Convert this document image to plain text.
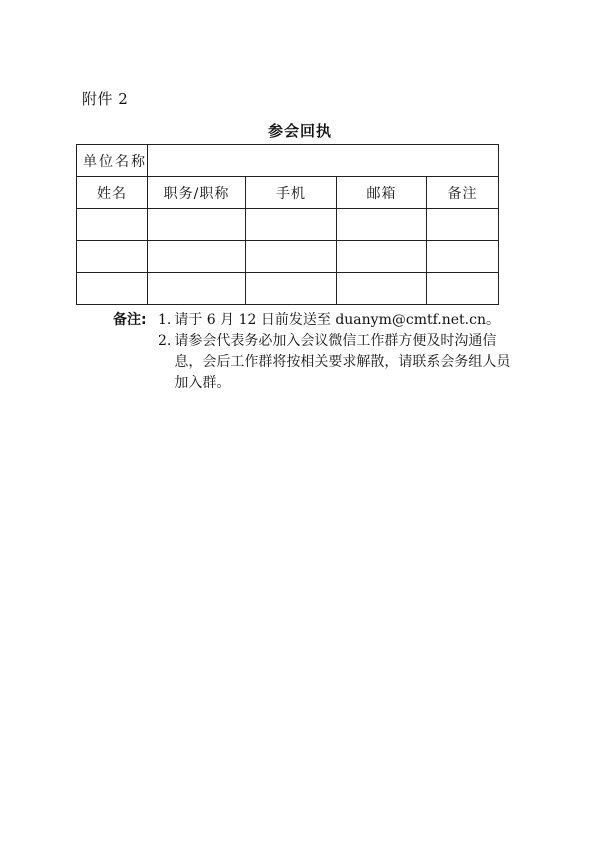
附件 2
参会回执
单位名称				
姓名	职务/职称	手机	邮箱	备注

备注: 1. 请于 6 月 12 日前发送至 duanym@cmtf.net.cn。
2. 请参会代表务必加入会议微信工作群方便及时沟通信息，会后工作群将按相关要求解散，请联系会务组人员加入群。
